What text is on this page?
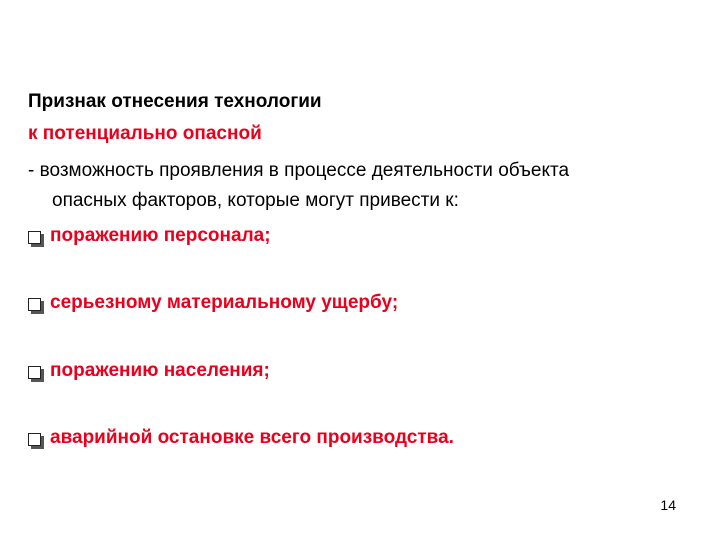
Признак отнесения технологии
к потенциально опасной
- возможность проявления в процессе деятельности объекта
опасных факторов, которые могут привести к:
поражению персонала;
серьезному материальному ущербу;
поражению населения;
аварийной остановке всего производства.
14
